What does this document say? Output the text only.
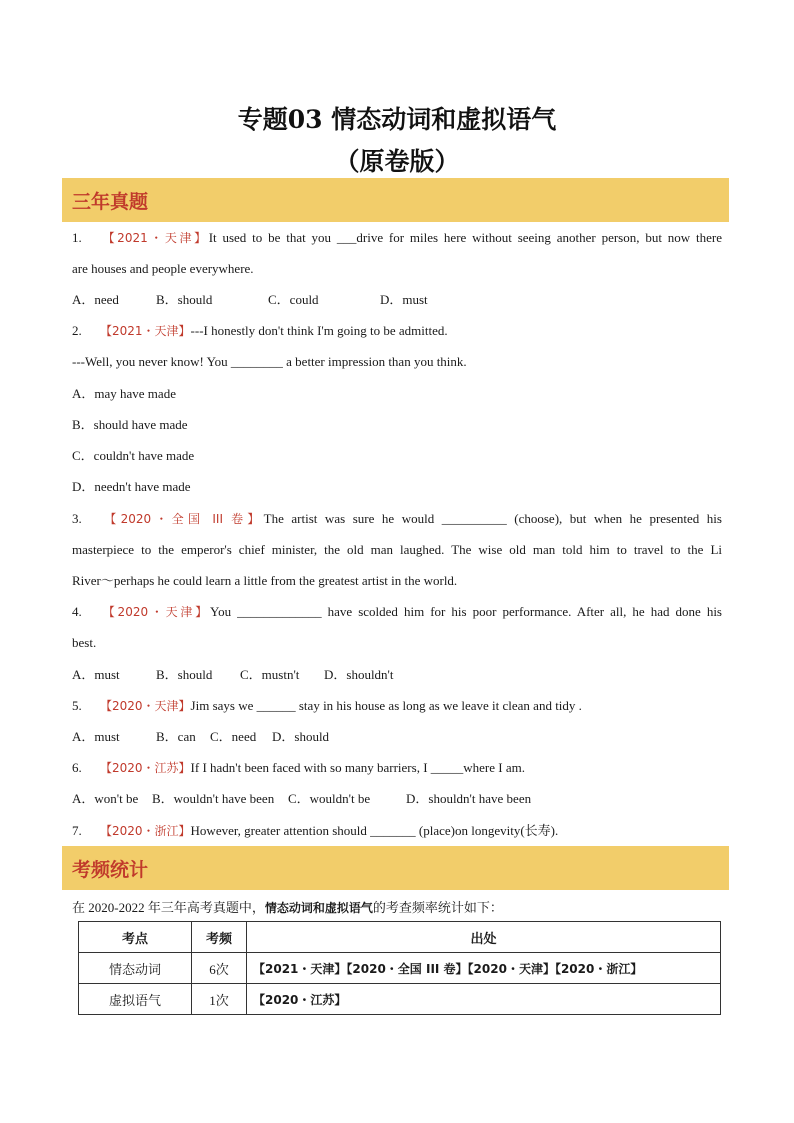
专题03 情态动词和虚拟语气
（原卷版）
三年真题
1. 【2021・天津】It used to be that you ___drive for miles here without seeing another person, but now there
are houses and people everywhere.
A．need	B．should	C．could	D．must
2. 【2021・天津】---I honestly don't think I'm going to be admitted.
---Well, you never know! You ________ a better impression than you think.
A．may have made
B．should have made
C．couldn't have made
D．needn't have made
3. 【2020・全国 III 卷】The artist was sure he would __________ (choose), but when he presented his
masterpiece to the emperor's chief minister, the old man laughed. The wise old man told him to travel to the Li
River～perhaps he could learn a little from the greatest artist in the world.
4. 【2020・天津】You _____________ have scolded him for his poor performance. After all, he had done his
best.
A．must	B．should C．mustn't D．shouldn't
5. 【2020・天津】Jim says we ______ stay in his house as long as we leave it clean and tidy .
A．must	B．can C．need D．should
6. 【2020・江苏】If I hadn't been faced with so many barriers, I _____where I am.
A．won't be B．wouldn't have been C．wouldn't be	D．shouldn't have been
7. 【2020・浙江】However, greater attention should _______ (place)on longevity(长寿).
考频统计
在 2020-2022 年三年高考真题中，情态动词和虚拟语气的考查频率统计如下：
考点	考频	出处
情态动词	6次	【2021・天津】【2020・全国 III 卷】【2020・天津】【2020・浙江】
虚拟语气	1次	【2020・江苏】
